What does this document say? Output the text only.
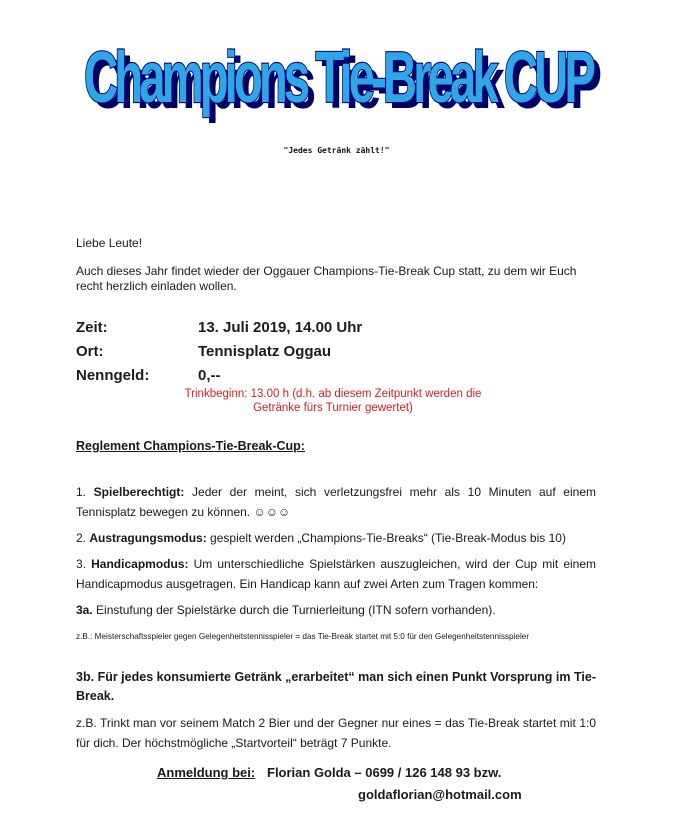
Champions Tie-Break CUP
Champions Tie-Break CUP
"Jedes Getränk zählt!"
Liebe Leute!
Auch dieses Jahr findet wieder der Oggauer Champions-Tie-Break Cup statt, zu dem wir Euch recht herzlich einladen wollen.
Zeit:	13. Juli 2019, 14.00 Uhr
Ort:	Tennisplatz Oggau
Nenngeld:	0,--
Trinkbeginn: 13.00 h (d.h. ab diesem Zeitpunkt werden die
Getränke fürs Turnier gewertet)
Reglement Champions-Tie-Break-Cup:
1. Spielberechtigt: Jeder der meint, sich verletzungsfrei mehr als 10 Minuten auf einem Tennisplatz bewegen zu können. ☺☺☺
2. Austragungsmodus: gespielt werden „Champions-Tie-Breaks“ (Tie-Break-Modus bis 10)
3. Handicapmodus: Um unterschiedliche Spielstärken auszugleichen, wird der Cup mit einem Handicapmodus ausgetragen. Ein Handicap kann auf zwei Arten zum Tragen kommen:
3a. Einstufung der Spielstärke durch die Turnierleitung (ITN sofern vorhanden).
z.B.: Meisterschaftsspieler gegen Gelegenheitstennisspieler = das Tie-Break startet mit 5:0 für den Gelegenheitstennisspieler
3b. Für jedes konsumierte Getränk „erarbeitet“ man sich einen Punkt Vorsprung im Tie-Break.
z.B. Trinkt man vor seinem Match 2 Bier und der Gegner nur eines = das Tie-Break startet mit 1:0 für dich. Der höchstmögliche „Startvorteil“ beträgt 7 Punkte.
Anmeldung bei: Florian Golda – 0699 / 126 148 93 bzw.
goldaflorian@hotmail.com
